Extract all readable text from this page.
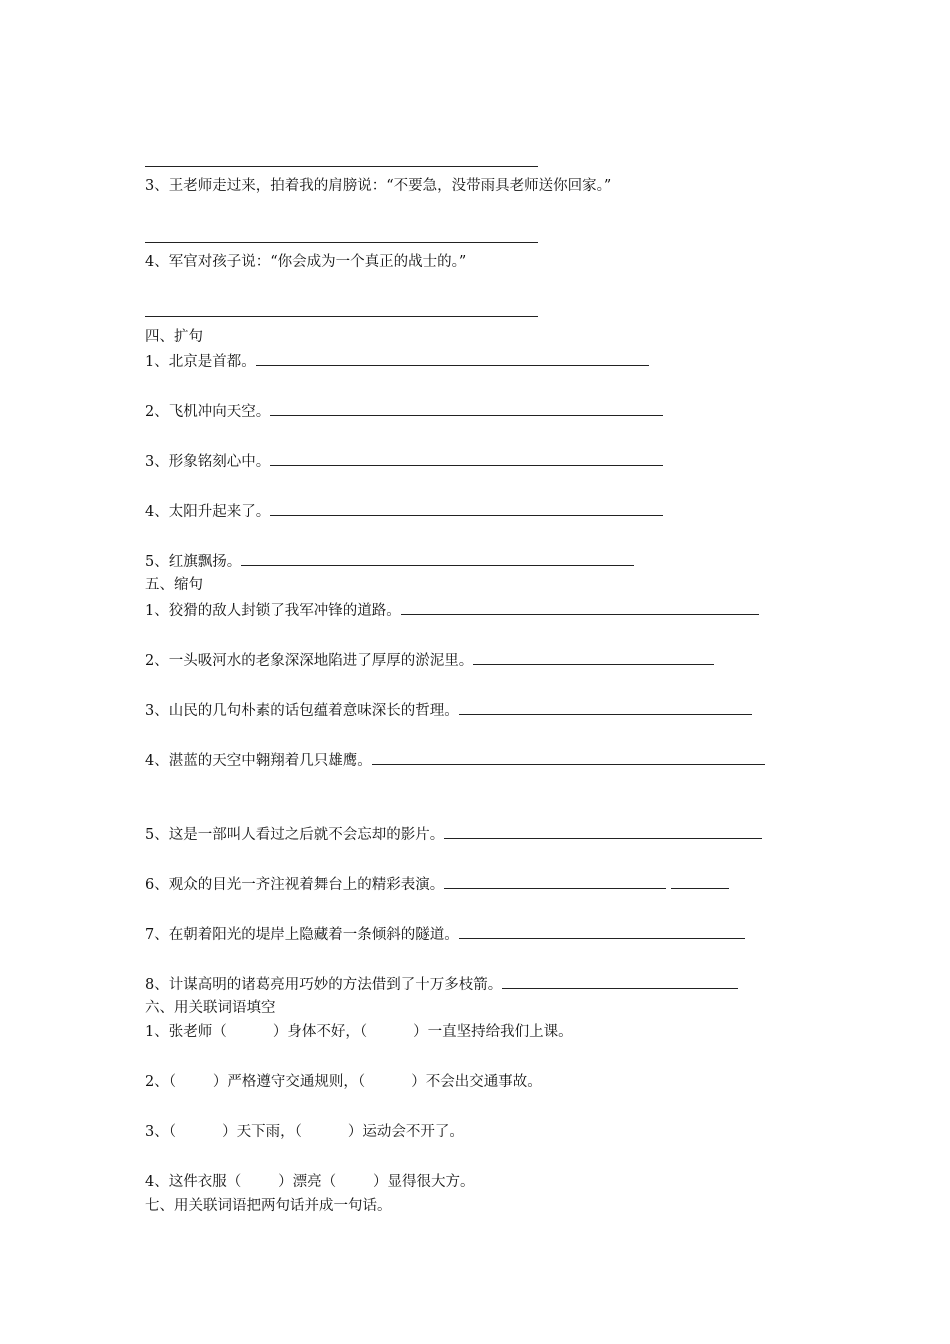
3、王老师走过来，拍着我的肩膀说：“不要急，没带雨具老师送你回家。”
4、军官对孩子说：“你会成为一个真正的战士的。”
四、扩句
1、北京是首都。
2、飞机冲向天空。
3、形象铭刻心中。
4、太阳升起来了。
5、红旗飘扬。
五、缩句
1、狡猾的敌人封锁了我军冲锋的道路。
2、一头吸河水的老象深深地陷进了厚厚的淤泥里。
3、山民的几句朴素的话包蕴着意味深长的哲理。
4、湛蓝的天空中翱翔着几只雄鹰。
5、这是一部叫人看过之后就不会忘却的影片。
6、观众的目光一齐注视着舞台上的精彩表演。
7、在朝着阳光的堤岸上隐藏着一条倾斜的隧道。
8、计谋高明的诸葛亮用巧妙的方法借到了十万多枝箭。
六、用关联词语填空
1、张老师（          ）身体不好，（          ）一直坚持给我们上课。
2、（        ）严格遵守交通规则，（          ）不会出交通事故。
3、（          ）天下雨，（          ）运动会不开了。
4、这件衣服（        ）漂亮（        ）显得很大方。
七、用关联词语把两句话并成一句话。
